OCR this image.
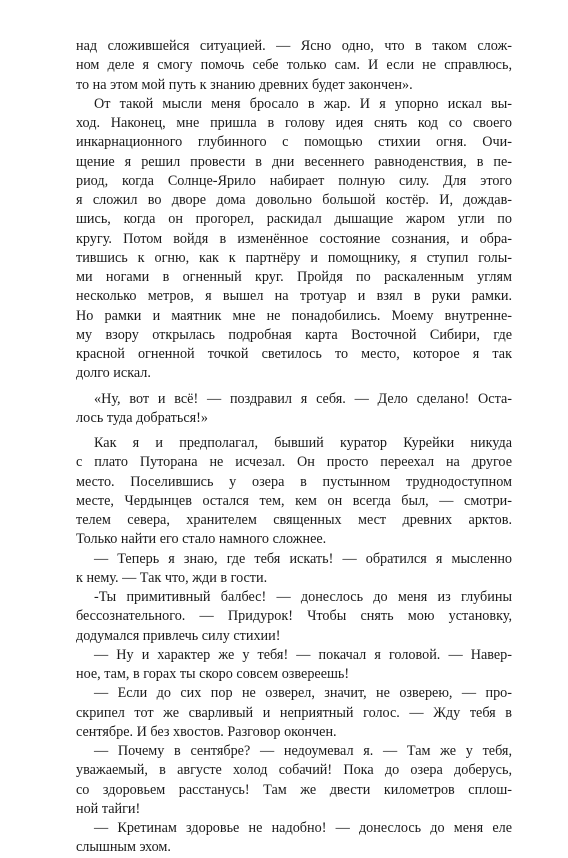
над сложившейся ситуацией. — Ясно одно, что в таком слож-
ном деле я смогу помочь себе только сам. И если не справлюсь,
то на этом мой путь к знанию древних будет закончен».
От такой мысли меня бросало в жар. И я упорно искал вы-
ход. Наконец, мне пришла в голову идея снять код со своего
инкарнационного глубинного с помощью стихии огня. Очи-
щение я решил провести в дни весеннего равноденствия, в пе-
риод, когда Солнце-Ярило набирает полную силу. Для этого
я сложил во дворе дома довольно большой костёр. И, дождав-
шись, когда он прогорел, раскидал дышащие жаром угли по
кругу. Потом войдя в изменённое состояние сознания, и обра-
тившись к огню, как к партнёру и помощнику, я ступил голы-
ми ногами в огненный круг. Пройдя по раскаленным углям
несколько метров, я вышел на тротуар и взял в руки рамки.
Но рамки и маятник мне не понадобились. Моему внутренне-
му взору открылась подробная карта Восточной Сибири, где
красной огненной точкой светилось то место, которое я так
долго искал.
«Ну, вот и всё! — поздравил я себя. — Дело сделано! Оста-
лось туда добраться!»
Как я и предполагал, бывший куратор Курейки никуда
с плато Путорана не исчезал. Он просто переехал на другое
место. Поселившись у озера в пустынном труднодоступном
месте, Чердынцев остался тем, кем он всегда был, — смотри-
телем севера, хранителем священных мест древних арктов.
Только найти его стало намного сложнее.
— Теперь я знаю, где тебя искать! — обратился я мысленно
к нему. — Так что, жди в гости.
-Ты примитивный балбес! — донеслось до меня из глубины
бессознательного. — Придурок! Чтобы снять мою установку,
додумался привлечь силу стихии!
— Ну и характер же у тебя! — покачал я головой. — Навер-
ное, там, в горах ты скоро совсем озвереешь!
— Если до сих пор не озверел, значит, не озверею, — про-
скрипел тот же сварливый и неприятный голос. — Жду тебя в
сентябре. И без хвостов. Разговор окончен.
— Почему в сентябре? — недоумевал я. — Там же у тебя,
уважаемый, в августе холод собачий! Пока до озера доберусь,
со здоровьем расстанусь! Там же двести километров сплош-
ной тайги!
— Кретинам здоровье не надобно! — донеслось до меня еле
слышным эхом.
